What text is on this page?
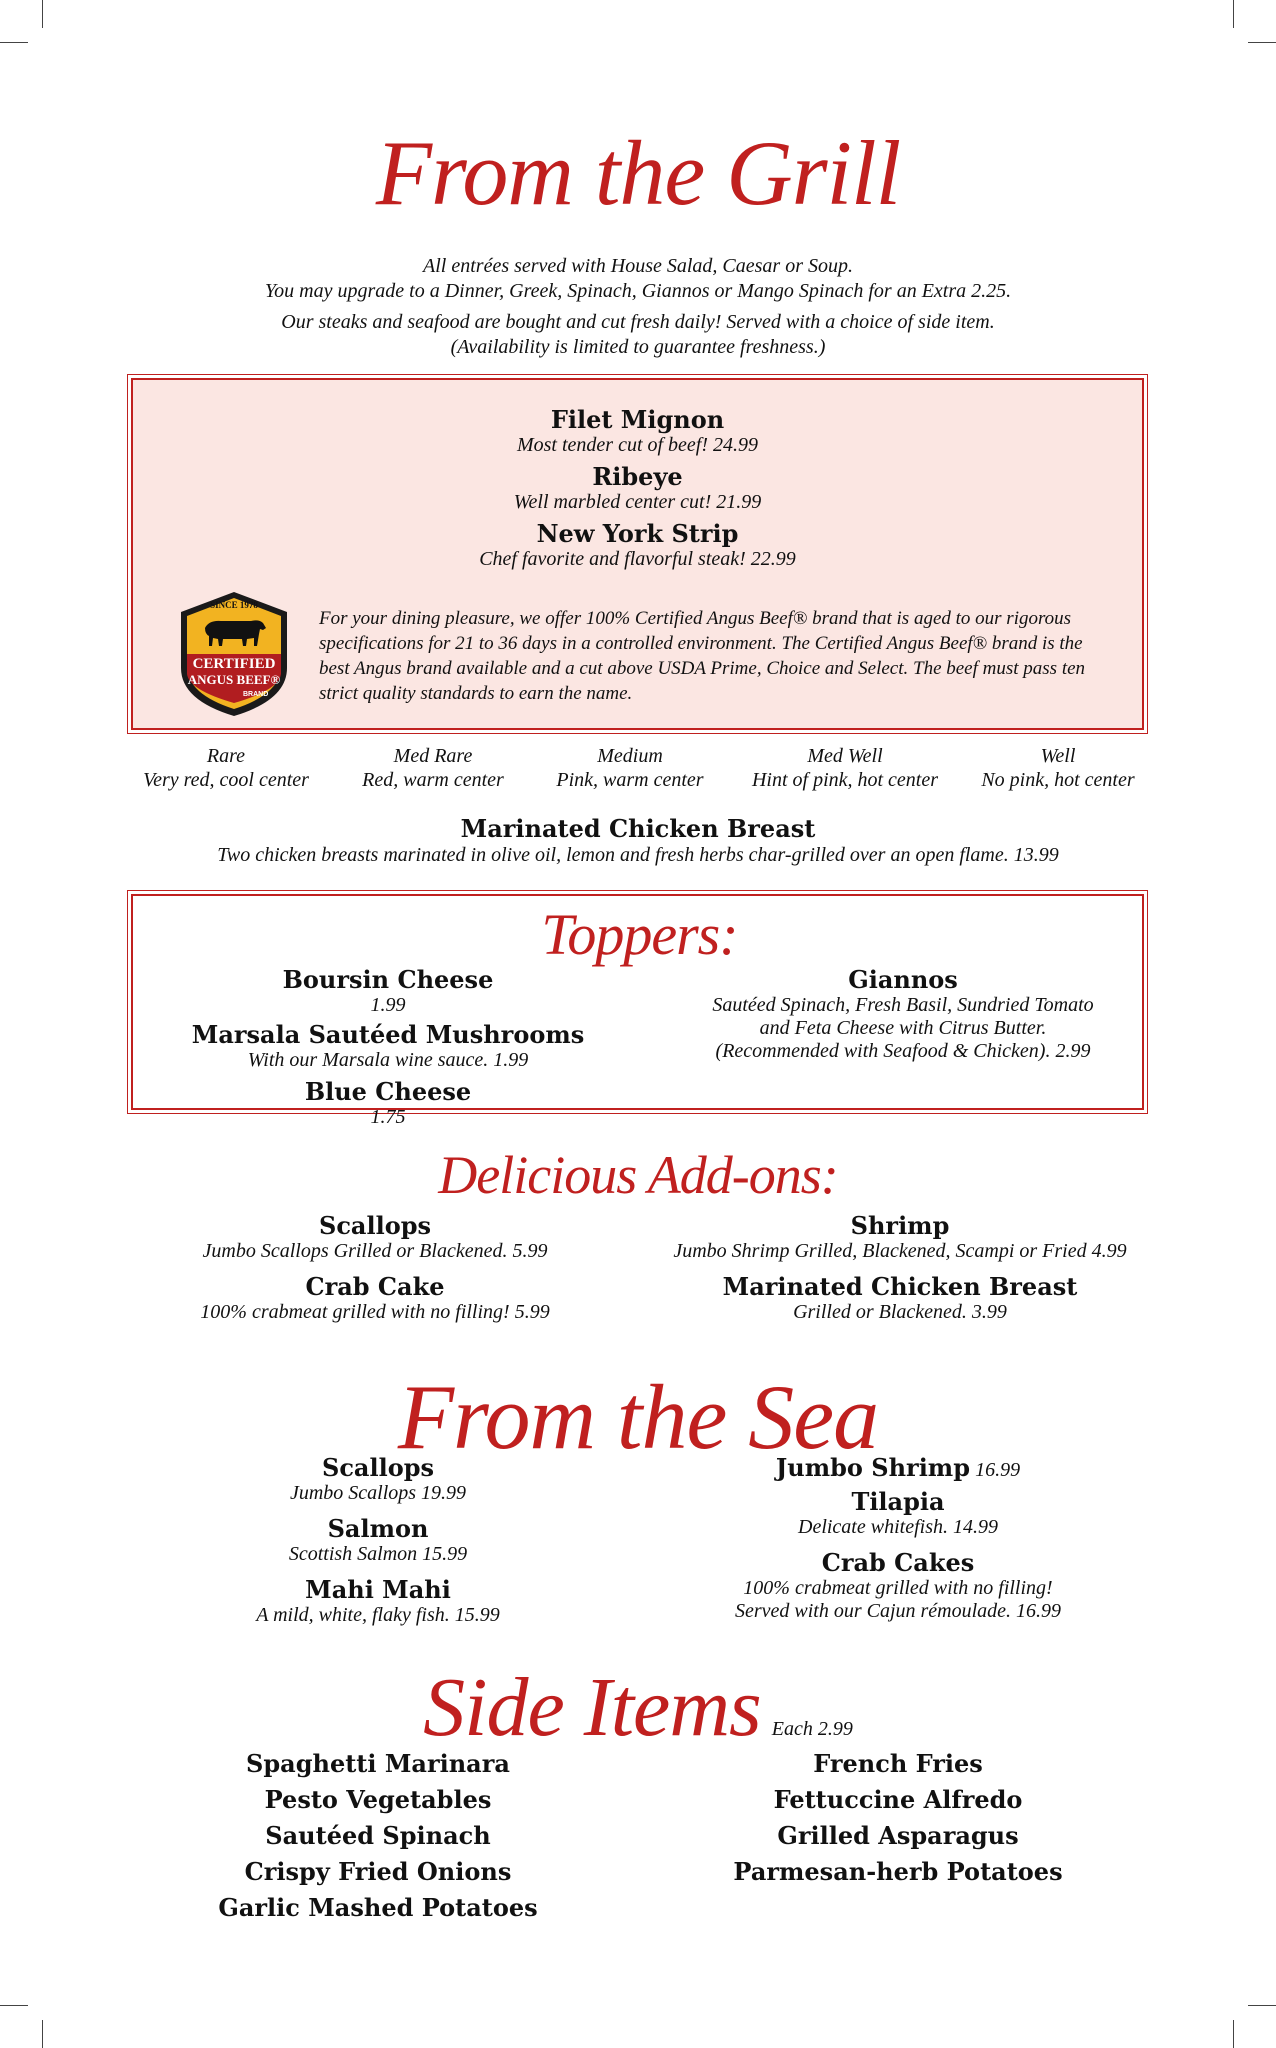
From the Grill

All entrées served with House Salad, Caesar or Soup.

You may upgrade to a Dinner, Greek, Spinach, Giannos or Mango Spinach for an Extra 2.25.

Our steaks and seafood are bought and cut fresh daily! Served with a choice of side item.

(Availability is limited to guarantee freshness.)

Filet Mignon
Most tender cut of beef! 24.99
Ribeye
Well marbled center cut! 21.99
New York Strip
Chef favorite and flavorful steak! 22.99
SINCE 1978
CERTIFIED
ANGUS BEEF®
BRAND

For your dining pleasure, we offer 100% Certified Angus Beef® brand that is aged to our rigorous specifications for 21 to 36 days in a controlled environment. The Certified Angus Beef® brand is the best Angus brand available and a cut above USDA Prime, Choice and Select. The beef must pass ten strict quality standards to earn the name.

Rare
Very red, cool center
Med Rare
Red, warm center
Medium
Pink, warm center
Med Well
Hint of pink, hot center
Well
No pink, hot center
Marinated Chicken Breast
Two chicken breasts marinated in olive oil, lemon and fresh herbs char-grilled over an open flame. 13.99
Toppers:
Boursin Cheese
1.99
Marsala Sautéed Mushrooms
With our Marsala wine sauce. 1.99
Blue Cheese
1.75
Giannos
Sautéed Spinach, Fresh Basil, Sundried Tomato
and Feta Cheese with Citrus Butter.
(Recommended with Seafood & Chicken). 2.99
Delicious Add-ons:
Scallops
Jumbo Scallops Grilled or Blackened. 5.99
Crab Cake
100% crabmeat grilled with no filling! 5.99
Shrimp
Jumbo Shrimp Grilled, Blackened, Scampi or Fried 4.99
Marinated Chicken Breast
Grilled or Blackened. 3.99
From the Sea
Scallops
Jumbo Scallops 19.99
Salmon
Scottish Salmon 15.99
Mahi Mahi
A mild, white, flaky fish. 15.99
Jumbo Shrimp 16.99
Tilapia
Delicate whitefish. 14.99
Crab Cakes
100% crabmeat grilled with no filling!
Served with our Cajun rémoulade. 16.99
Side Items Each 2.99
Spaghetti Marinara
Pesto Vegetables
Sautéed Spinach
Crispy Fried Onions
Garlic Mashed Potatoes
French Fries
Fettuccine Alfredo
Grilled Asparagus
Parmesan-herb Potatoes
